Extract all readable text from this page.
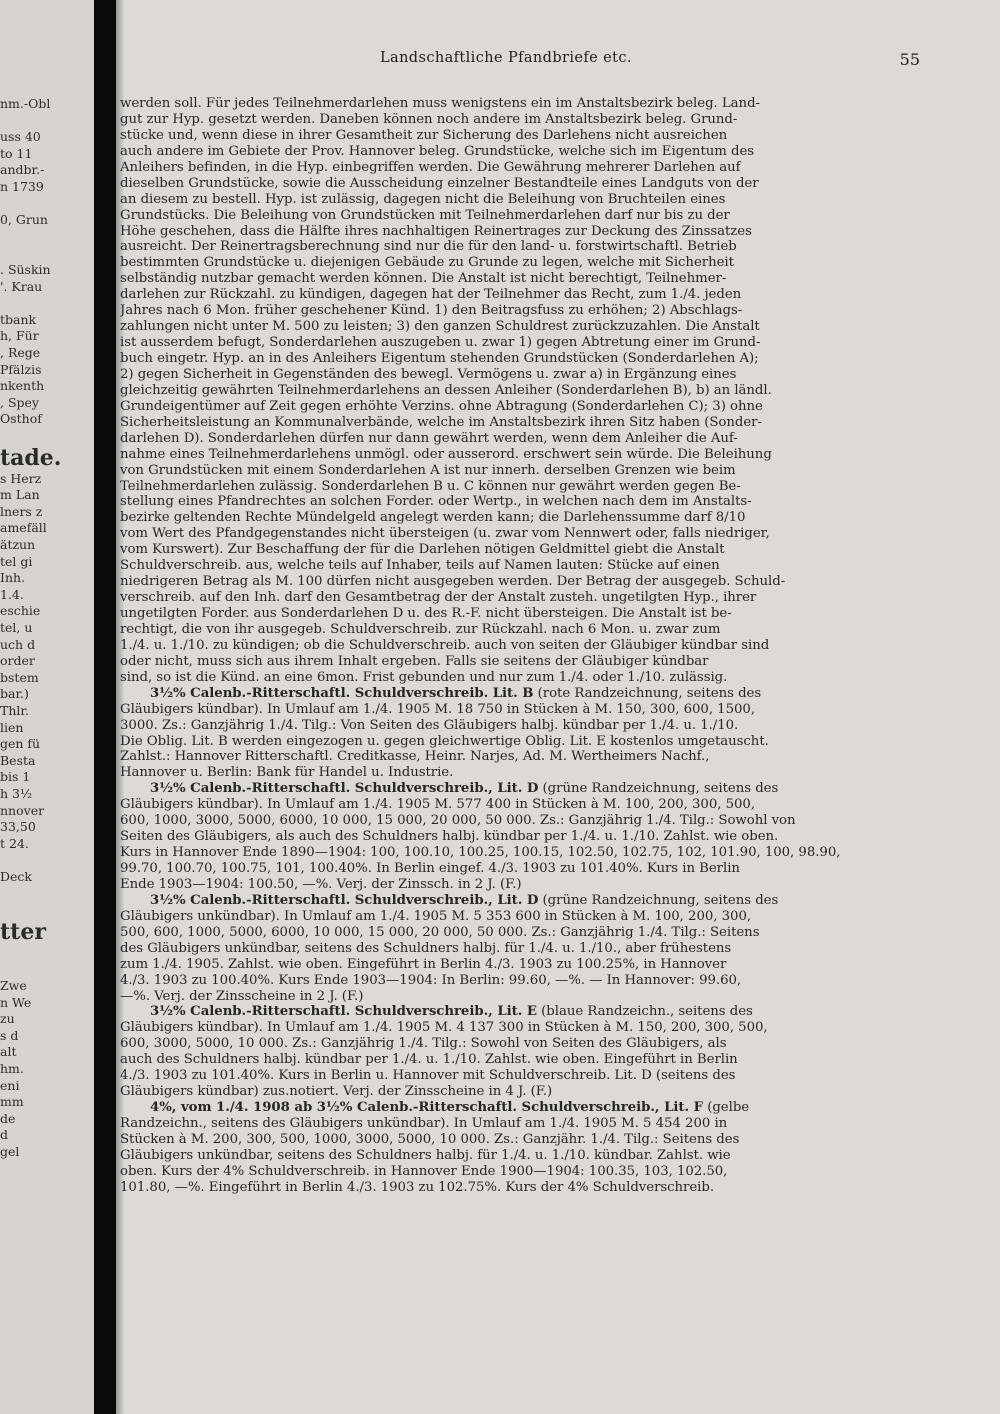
nm.-Obl
uss 40
to 11
andbr.-
n 1739
0, Grun
. Süskin
'. Krau
tbank
h, Für
, Rege
Pfälzis
nkenth
, Spey
Osthof
tade.
s Herz
m Lan
lners z
amefäll
ätzun
tel gi
Inh.
1.4.
eschie
tel, u
uch d
order
bstem
bar.)
Thlr.
lien
gen fü
Besta
bis 1
h 3½
nnover
33,50
t 24.
Deck
tter
Zwe
n We
zu
s d
alt
hm.
eni
mm
de
d
gel
Landschaftliche Pfandbriefe etc.	55
werden soll. Für jedes Teilnehmerdarlehen muss wenigstens ein im Anstaltsbezirk beleg. Land-
gut zur Hyp. gesetzt werden. Daneben können noch andere im Anstaltsbezirk beleg. Grund-
stücke und, wenn diese in ihrer Gesamtheit zur Sicherung des Darlehens nicht ausreichen
auch andere im Gebiete der Prov. Hannover beleg. Grundstücke, welche sich im Eigentum des
Anleihers befinden, in die Hyp. einbegriffen werden. Die Gewährung mehrerer Darlehen auf
dieselben Grundstücke, sowie die Ausscheidung einzelner Bestandteile eines Landguts von der
an diesem zu bestell. Hyp. ist zulässig, dagegen nicht die Beleihung von Bruchteilen eines
Grundstücks. Die Beleihung von Grundstücken mit Teilnehmerdarlehen darf nur bis zu der
Höhe geschehen, dass die Hälfte ihres nachhaltigen Reinertrages zur Deckung des Zinssatzes
ausreicht. Der Reinertragsberechnung sind nur die für den land- u. forstwirtschaftl. Betrieb
bestimmten Grundstücke u. diejenigen Gebäude zu Grunde zu legen, welche mit Sicherheit
selbständig nutzbar gemacht werden können. Die Anstalt ist nicht berechtigt, Teilnehmer-
darlehen zur Rückzahl. zu kündigen, dagegen hat der Teilnehmer das Recht, zum 1./4. jeden
Jahres nach 6 Mon. früher geschehener Künd. 1) den Beitragsfuss zu erhöhen; 2) Abschlags-
zahlungen nicht unter M. 500 zu leisten; 3) den ganzen Schuldrest zurückzuzahlen. Die Anstalt
ist ausserdem befugt, Sonderdarlehen auszugeben u. zwar 1) gegen Abtretung einer im Grund-
buch eingetr. Hyp. an in des Anleihers Eigentum stehenden Grundstücken (Sonderdarlehen A);
2) gegen Sicherheit in Gegenständen des bewegl. Vermögens u. zwar a) in Ergänzung eines
gleichzeitig gewährten Teilnehmerdarlehens an dessen Anleiher (Sonderdarlehen B), b) an ländl.
Grundeigentümer auf Zeit gegen erhöhte Verzins. ohne Abtragung (Sonderdarlehen C); 3) ohne
Sicherheitsleistung an Kommunalverbände, welche im Anstaltsbezirk ihren Sitz haben (Sonder-
darlehen D). Sonderdarlehen dürfen nur dann gewährt werden, wenn dem Anleiher die Auf-
nahme eines Teilnehmerdarlehens unmögl. oder ausserord. erschwert sein würde. Die Beleihung
von Grundstücken mit einem Sonderdarlehen A ist nur innerh. derselben Grenzen wie beim
Teilnehmerdarlehen zulässig. Sonderdarlehen B u. C können nur gewährt werden gegen Be-
stellung eines Pfandrechtes an solchen Forder. oder Wertp., in welchen nach dem im Anstalts-
bezirke geltenden Rechte Mündelgeld angelegt werden kann; die Darlehenssumme darf 8/10
vom Wert des Pfandgegenstandes nicht übersteigen (u. zwar vom Nennwert oder, falls niedriger,
vom Kurswert). Zur Beschaffung der für die Darlehen nötigen Geldmittel giebt die Anstalt
Schuldverschreib. aus, welche teils auf Inhaber, teils auf Namen lauten: Stücke auf einen
niedrigeren Betrag als M. 100 dürfen nicht ausgegeben werden. Der Betrag der ausgegeb. Schuld-
verschreib. auf den Inh. darf den Gesamtbetrag der der Anstalt zusteh. ungetilgten Hyp., ihrer
ungetilgten Forder. aus Sonderdarlehen D u. des R.-F. nicht übersteigen. Die Anstalt ist be-
rechtigt, die von ihr ausgegeb. Schuldverschreib. zur Rückzahl. nach 6 Mon. u. zwar zum
1./4. u. 1./10. zu kündigen; ob die Schuldverschreib. auch von seiten der Gläubiger kündbar sind
oder nicht, muss sich aus ihrem Inhalt ergeben. Falls sie seitens der Gläubiger kündbar
sind, so ist die Künd. an eine 6mon. Frist gebunden und nur zum 1./4. oder 1./10. zulässig.
3½% Calenb.-Ritterschaftl. Schuldverschreib. Lit. B (rote Randzeichnung, seitens des
Gläubigers kündbar). In Umlauf am 1./4. 1905 M. 18 750 in Stücken à M. 150, 300, 600, 1500,
3000. Zs.: Ganzjährig 1./4. Tilg.: Von Seiten des Gläubigers halbj. kündbar per 1./4. u. 1./10.
Die Oblig. Lit. B werden eingezogen u. gegen gleichwertige Oblig. Lit. E kostenlos umgetauscht.
Zahlst.: Hannover Ritterschaftl. Creditkasse, Heinr. Narjes, Ad. M. Wertheimers Nachf.,
Hannover u. Berlin: Bank für Handel u. Industrie.
3½% Calenb.-Ritterschaftl. Schuldverschreib., Lit. D (grüne Randzeichnung, seitens des
Gläubigers kündbar). In Umlauf am 1./4. 1905 M. 577 400 in Stücken à M. 100, 200, 300, 500,
600, 1000, 3000, 5000, 6000, 10 000, 15 000, 20 000, 50 000. Zs.: Ganzjährig 1./4. Tilg.: Sowohl von
Seiten des Gläubigers, als auch des Schuldners halbj. kündbar per 1./4. u. 1./10. Zahlst. wie oben.
Kurs in Hannover Ende 1890—1904: 100, 100.10, 100.25, 100.15, 102.50, 102.75, 102, 101.90, 100, 98.90,
99.70, 100.70, 100.75, 101, 100.40%. In Berlin eingef. 4./3. 1903 zu 101.40%. Kurs in Berlin
Ende 1903—1904: 100.50, —%. Verj. der Zinssch. in 2 J. (F.)
3½% Calenb.-Ritterschaftl. Schuldverschreib., Lit. D (grüne Randzeichnung, seitens des
Gläubigers unkündbar). In Umlauf am 1./4. 1905 M. 5 353 600 in Stücken à M. 100, 200, 300,
500, 600, 1000, 5000, 6000, 10 000, 15 000, 20 000, 50 000. Zs.: Ganzjährig 1./4. Tilg.: Seitens
des Gläubigers unkündbar, seitens des Schuldners halbj. für 1./4. u. 1./10., aber frühestens
zum 1./4. 1905. Zahlst. wie oben. Eingeführt in Berlin 4./3. 1903 zu 100.25%, in Hannover
4./3. 1903 zu 100.40%. Kurs Ende 1903—1904: In Berlin: 99.60, —%. — In Hannover: 99.60,
—%. Verj. der Zinsscheine in 2 J. (F.)
3½% Calenb.-Ritterschaftl. Schuldverschreib., Lit. E (blaue Randzeichn., seitens des
Gläubigers kündbar). In Umlauf am 1./4. 1905 M. 4 137 300 in Stücken à M. 150, 200, 300, 500,
600, 3000, 5000, 10 000. Zs.: Ganzjährig 1./4. Tilg.: Sowohl von Seiten des Gläubigers, als
auch des Schuldners halbj. kündbar per 1./4. u. 1./10. Zahlst. wie oben. Eingeführt in Berlin
4./3. 1903 zu 101.40%. Kurs in Berlin u. Hannover mit Schuldverschreib. Lit. D (seitens des
Gläubigers kündbar) zus.notiert. Verj. der Zinsscheine in 4 J. (F.)
4%, vom 1./4. 1908 ab 3½% Calenb.-Ritterschaftl. Schuldverschreib., Lit. F (gelbe
Randzeichn., seitens des Gläubigers unkündbar). In Umlauf am 1./4. 1905 M. 5 454 200 in
Stücken à M. 200, 300, 500, 1000, 3000, 5000, 10 000. Zs.: Ganzjähr. 1./4. Tilg.: Seitens des
Gläubigers unkündbar, seitens des Schuldners halbj. für 1./4. u. 1./10. kündbar. Zahlst. wie
oben. Kurs der 4% Schuldverschreib. in Hannover Ende 1900—1904: 100.35, 103, 102.50,
101.80, —%. Eingeführt in Berlin 4./3. 1903 zu 102.75%. Kurs der 4% Schuldverschreib.
